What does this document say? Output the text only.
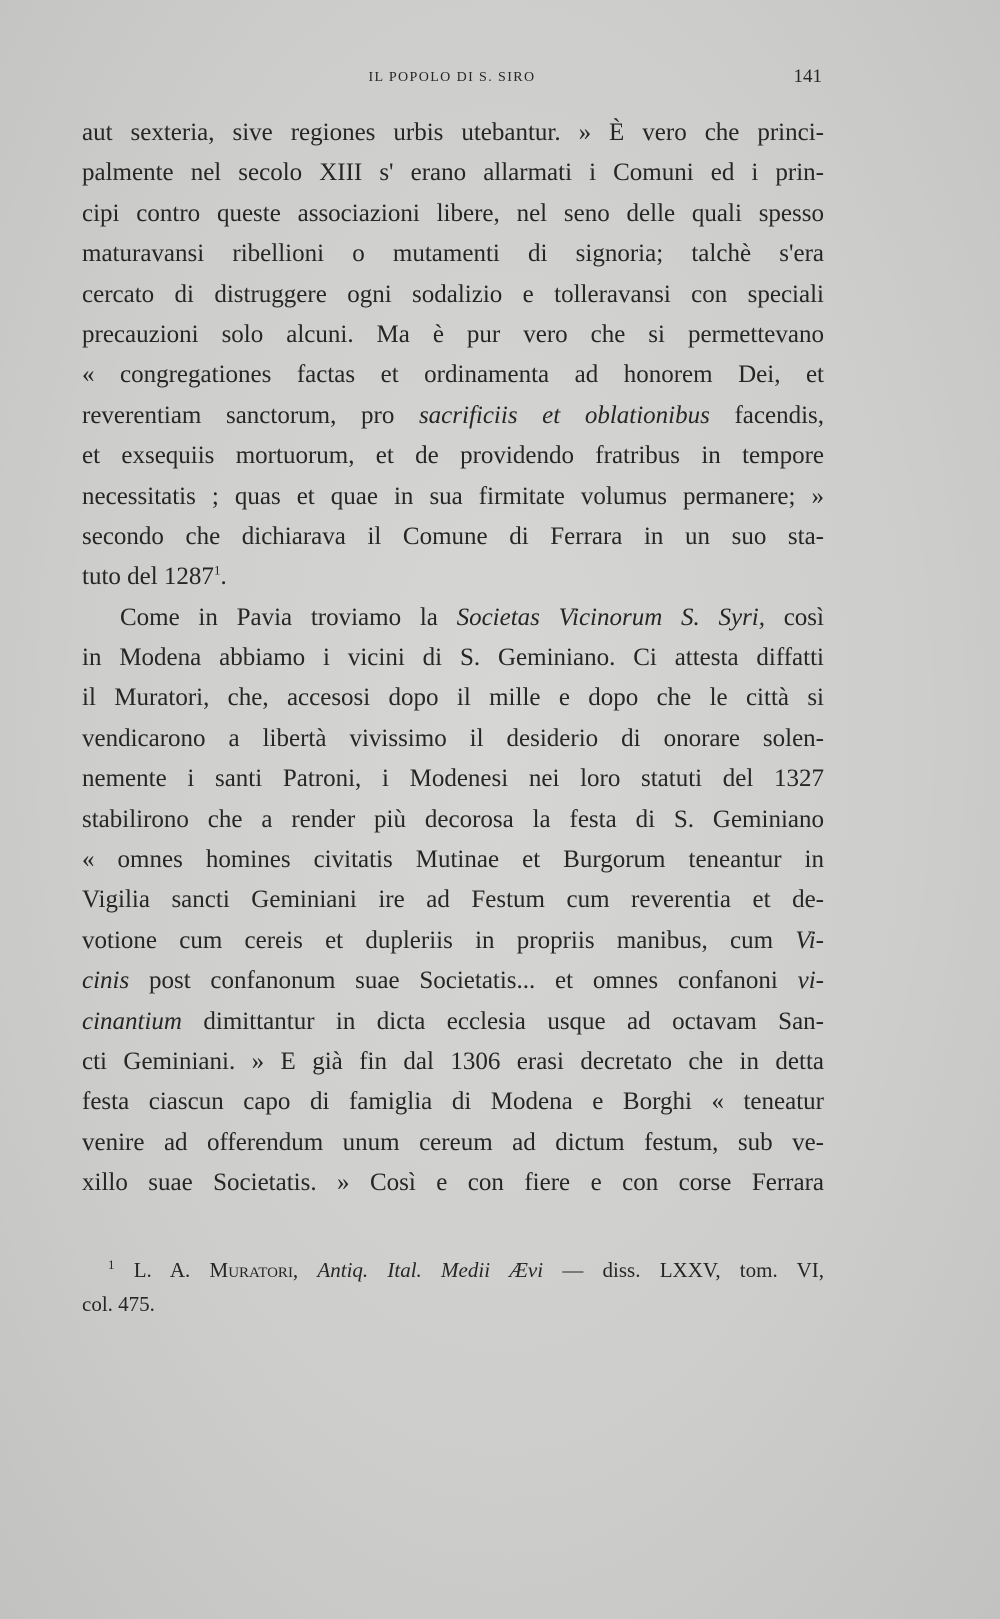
IL POPOLO DI S. SIRO	141
aut sexteria, sive regiones urbis utebantur. » È vero che princi-
palmente nel secolo XIII s' erano allarmati i Comuni ed i prin-
cipi contro queste associazioni libere, nel seno delle quali spesso
maturavansi ribellioni o mutamenti di signoria; talchè s'era
cercato di distruggere ogni sodalizio e tolleravansi con speciali
precauzioni solo alcuni. Ma è pur vero che si permettevano
« congregationes factas et ordinamenta ad honorem Dei, et
reverentiam sanctorum, pro sacrificiis et oblationibus facendis,
et exsequiis mortuorum, et de providendo fratribus in tempore
necessitatis ; quas et quae in sua firmitate volumus permanere; »
secondo che dichiarava il Comune di Ferrara in un suo sta-
tuto del 1287$^1$.
Come in Pavia troviamo la Societas Vicinorum S. Syri, così
in Modena abbiamo i vicini di S. Geminiano. Ci attesta diffatti
il Muratori, che, accesosi dopo il mille e dopo che le città si
vendicarono a libertà vivissimo il desiderio di onorare solen-
nemente i santi Patroni, i Modenesi nei loro statuti del 1327
stabilirono che a render più decorosa la festa di S. Geminiano
« omnes homines civitatis Mutinae et Burgorum teneantur in
Vigilia sancti Geminiani ire ad Festum cum reverentia et de-
votione cum cereis et dupleriis in propriis manibus, cum Vi-
cinis post confanonum suae Societatis... et omnes confanoni vi-
cinantium dimittantur in dicta ecclesia usque ad octavam San-
cti Geminiani. » E già fin dal 1306 erasi decretato che in detta
festa ciascun capo di famiglia di Modena e Borghi « teneatur
venire ad offerendum unum cereum ad dictum festum, sub ve-
xillo suae Societatis. » Così e con fiere e con corse Ferrara
$^1$ L. A. Muratori, Antiq. Ital. Medii Ævi — diss. LXXV, tom. VI,
col. 475.
